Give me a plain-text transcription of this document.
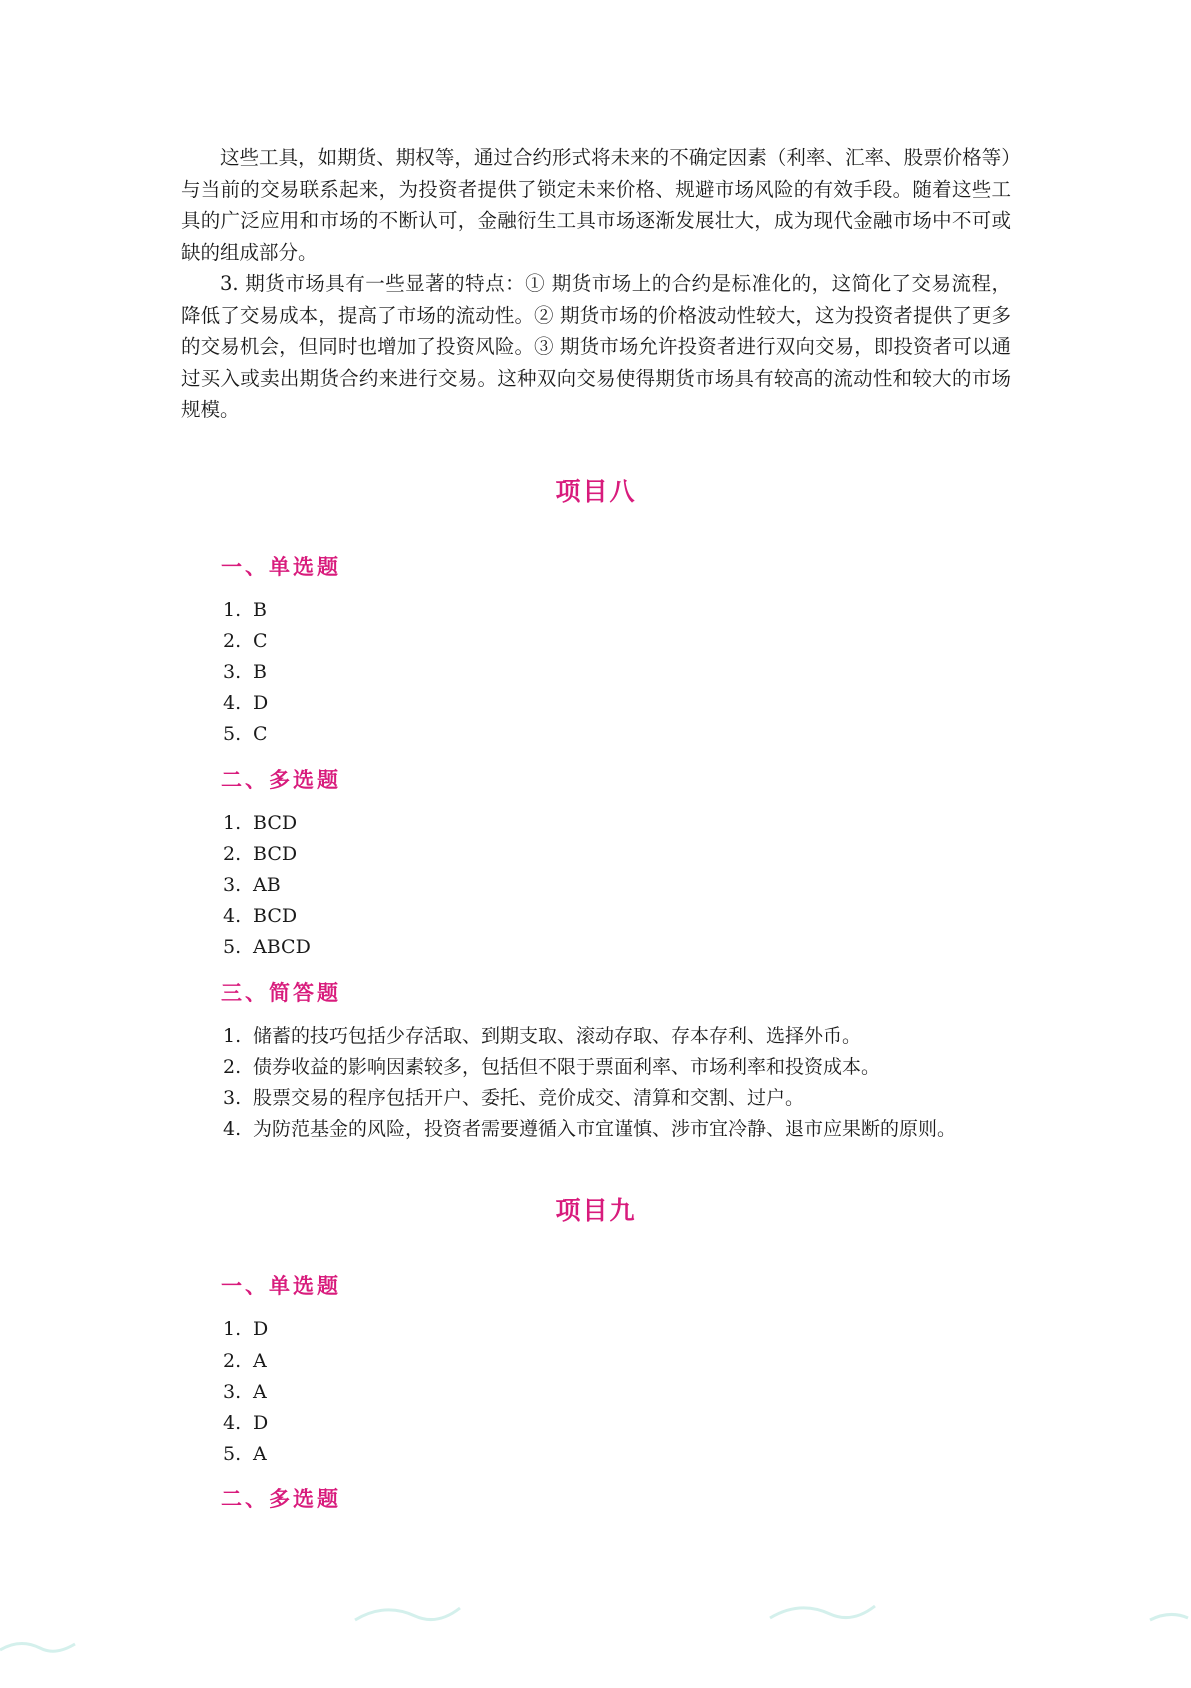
这些工具，如期货、期权等，通过合约形式将未来的不确定因素（利率、汇率、股票价格等）与当前的交易联系起来，为投资者提供了锁定未来价格、规避市场风险的有效手段。随着这些工具的广泛应用和市场的不断认可，金融衍生工具市场逐渐发展壮大，成为现代金融市场中不可或缺的组成部分。

3. 期货市场具有一些显著的特点：① 期货市场上的合约是标准化的，这简化了交易流程，降低了交易成本，提高了市场的流动性。② 期货市场的价格波动性较大，这为投资者提供了更多的交易机会，但同时也增加了投资风险。③ 期货市场允许投资者进行双向交易，即投资者可以通过买入或卖出期货合约来进行交易。这种双向交易使得期货市场具有较高的流动性和较大的市场规模。

项目八
一、单选题
1. B
2. C
3. B
4. D
5. C
二、多选题
1. BCD
2. BCD
3. AB
4. BCD
5. ABCD
三、简答题
1. 储蓄的技巧包括少存活取、到期支取、滚动存取、存本存利、选择外币。
2. 债券收益的影响因素较多，包括但不限于票面利率、市场利率和投资成本。
3. 股票交易的程序包括开户、委托、竞价成交、清算和交割、过户。
4. 为防范基金的风险，投资者需要遵循入市宜谨慎、涉市宜冷静、退市应果断的原则。
项目九
一、单选题
1. D
2. A
3. A
4. D
5. A
二、多选题
